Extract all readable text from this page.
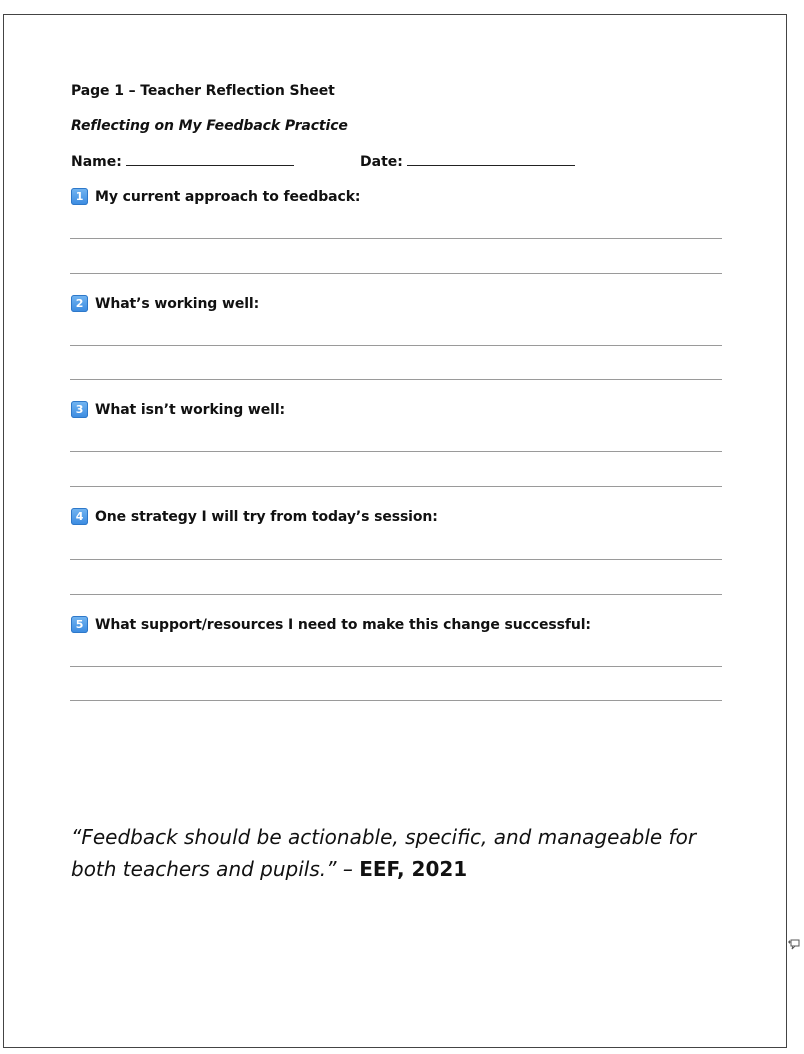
Page 1 – Teacher Reflection Sheet
Reflecting on My Feedback Practice
Name:	Date:
1 My current approach to feedback:
2 What’s working well:
3 What isn’t working well:
4 One strategy I will try from today’s session:
5 What support/resources I need to make this change successful:
“Feedback should be actionable, specific, and manageable for both teachers and pupils.” – EEF, 2021
